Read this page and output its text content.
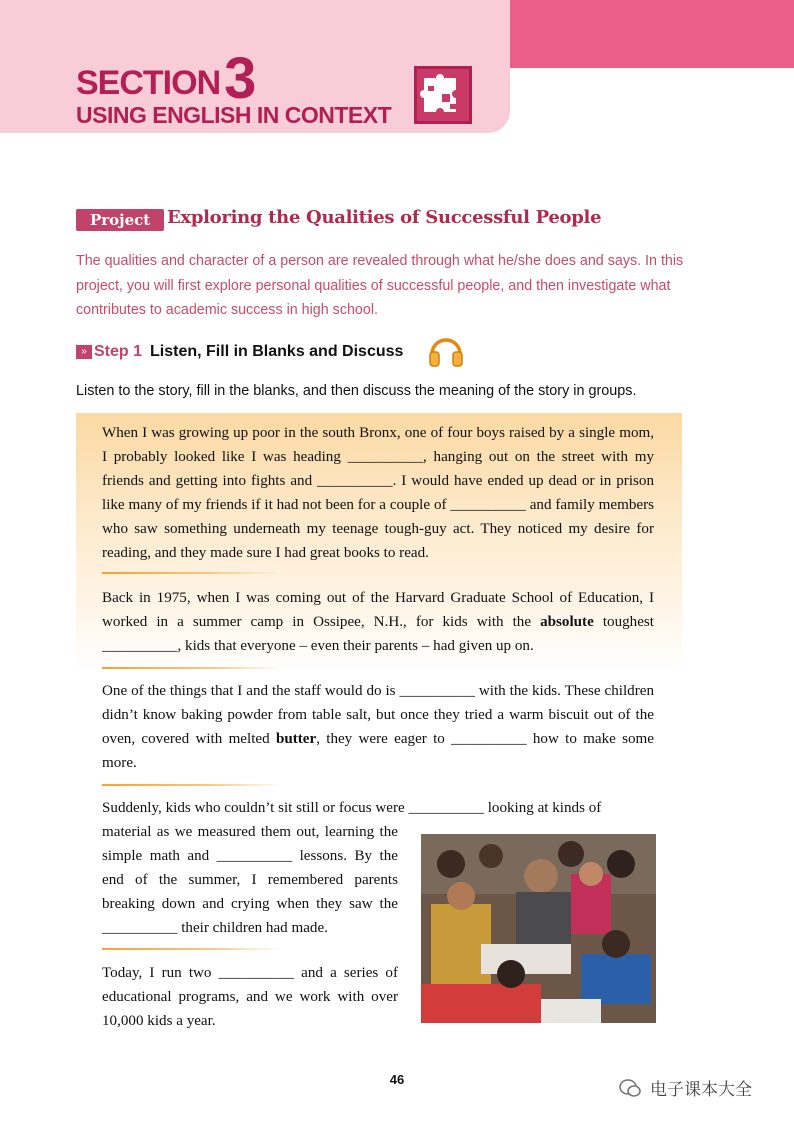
SECTION3
USING ENGLISH IN CONTEXT
Project Exploring the Qualities of Successful People
The qualities and character of a person are revealed through what he/she does and says. In this project, you will first explore personal qualities of successful people, and then investigate what contributes to academic success in high school.
» Step 1 Listen, Fill in Blanks and Discuss
Listen to the story, fill in the blanks, and then discuss the meaning of the story in groups.
When I was growing up poor in the south Bronx, one of four boys raised by a single mom, I probably looked like I was heading __________, hanging out on the street with my friends and getting into fights and __________. I would have ended up dead or in prison like many of my friends if it had not been for a couple of __________ and family members who saw something underneath my teenage tough-guy act. They noticed my desire for reading, and they made sure I had great books to read.
Back in 1975, when I was coming out of the Harvard Graduate School of Education, I worked in a summer camp in Ossipee, N.H., for kids with the absolute toughest __________, kids that everyone – even their parents – had given up on.
One of the things that I and the staff would do is __________ with the kids. These children didn’t know baking powder from table salt, but once they tried a warm biscuit out of the oven, covered with melted butter, they were eager to __________ how to make some more.
Suddenly, kids who couldn’t sit still or focus were __________ looking at kinds of
material as we measured them out, learning the simple math and __________ lessons. By the end of the summer, I remembered parents breaking down and crying when they saw the __________ their children had made.
Today, I run two __________ and a series of educational programs, and we work with over 10,000 kids a year.
46
电子课本大全
